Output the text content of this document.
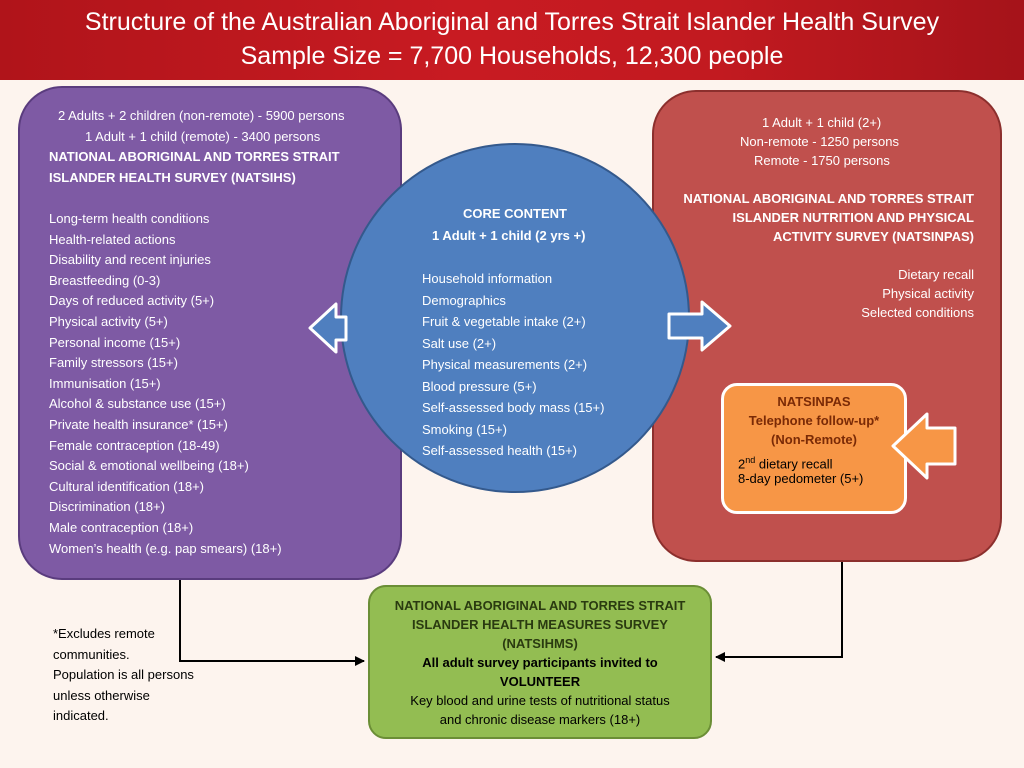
Structure of the Australian Aboriginal and Torres Strait Islander Health Survey
Sample Size = 7,700 Households, 12,300 people
2 Adults + 2 children (non-remote) - 5900 persons
1 Adult + 1 child (remote) - 3400 persons
NATIONAL ABORIGINAL AND TORRES STRAIT
ISLANDER HEALTH SURVEY (NATSIHS)
Long-term health conditions
Health-related actions
Disability and recent injuries
Breastfeeding (0-3)
Days of reduced activity (5+)
Physical activity (5+)
Personal income (15+)
Family stressors (15+)
Immunisation (15+)
Alcohol & substance use (15+)
Private health insurance* (15+)
Female contraception (18-49)
Social & emotional wellbeing (18+)
Cultural identification (18+)
Discrimination (18+)
Male contraception (18+)
Women’s health (e.g. pap smears) (18+)
1 Adult + 1 child (2+)
Non-remote - 1250 persons
Remote - 1750 persons
NATIONAL ABORIGINAL AND TORRES STRAIT
ISLANDER NUTRITION AND PHYSICAL
ACTIVITY SURVEY (NATSINPAS)
Dietary recall
Physical activity
Selected conditions
CORE CONTENT
1 Adult + 1 child (2 yrs +)
Household information
Demographics
Fruit & vegetable intake (2+)
Salt use (2+)
Physical measurements (2+)
Blood pressure (5+)
Self-assessed body mass (15+)
Smoking (15+)
Self-assessed health (15+)
NATSINPAS
Telephone follow-up*
(Non-Remote)
2nd dietary recall
8-day pedometer (5+)
NATIONAL ABORIGINAL AND TORRES STRAIT
ISLANDER HEALTH MEASURES SURVEY
(NATSIHMS)
All adult survey participants invited to
VOLUNTEER
Key blood and urine tests of nutritional status
and chronic disease markers (18+)
*Excludes remote
communities.
Population is all persons
unless otherwise
indicated.
